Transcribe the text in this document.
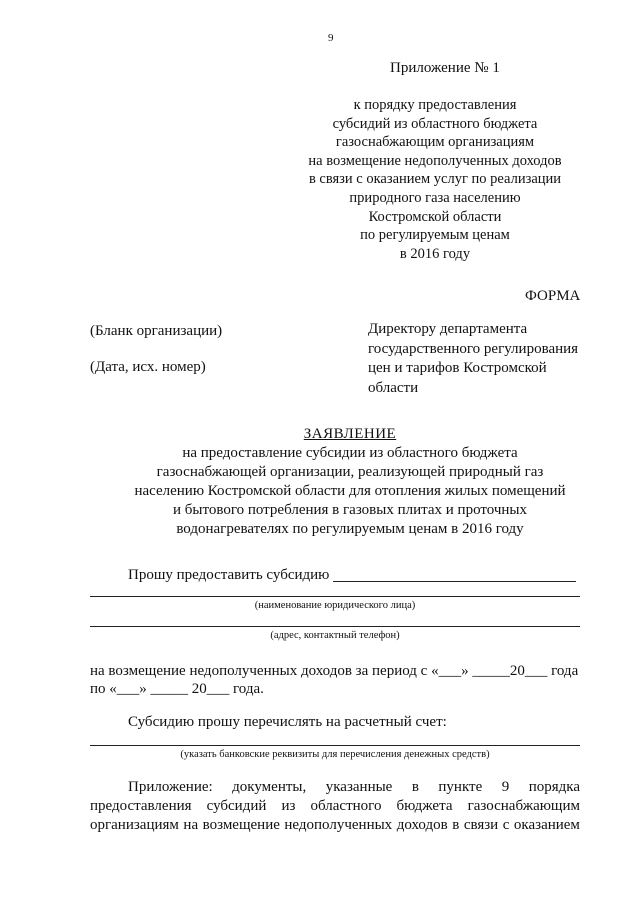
9
Приложение № 1
к порядку предоставления
субсидий из областного бюджета
газоснабжающим организациям
на возмещение недополученных доходов
в связи с оказанием услуг по реализации
природного газа населению
Костромской области
по регулируемым ценам
в 2016 году
ФОРМА
(Бланк организации)
(Дата, исх. номер)
Директору департамента
государственного регулирования
цен и тарифов Костромской
области
ЗАЯВЛЕНИЕ
на предоставление субсидии из областного бюджета
газоснабжающей организации, реализующей природный газ
населению Костромской области для отопления жилых помещений
и бытового потребления в газовых плитах и проточных
водонагревателях по регулируемым ценам в 2016 году
Прошу предоставить субсидию
(наименование юридического лица)
(адрес, контактный телефон)
на возмещение недополученных доходов за период с «___» _____20___ года
по «___» _____ 20___ года.
Субсидию прошу перечислять на расчетный счет:
(указать банковские реквизиты для перечисления денежных средств)
Приложение: документы, указанные в пункте 9 порядка
предоставления субсидий из областного бюджета газоснабжающим
организациям на возмещение недополученных доходов в связи с оказанием
